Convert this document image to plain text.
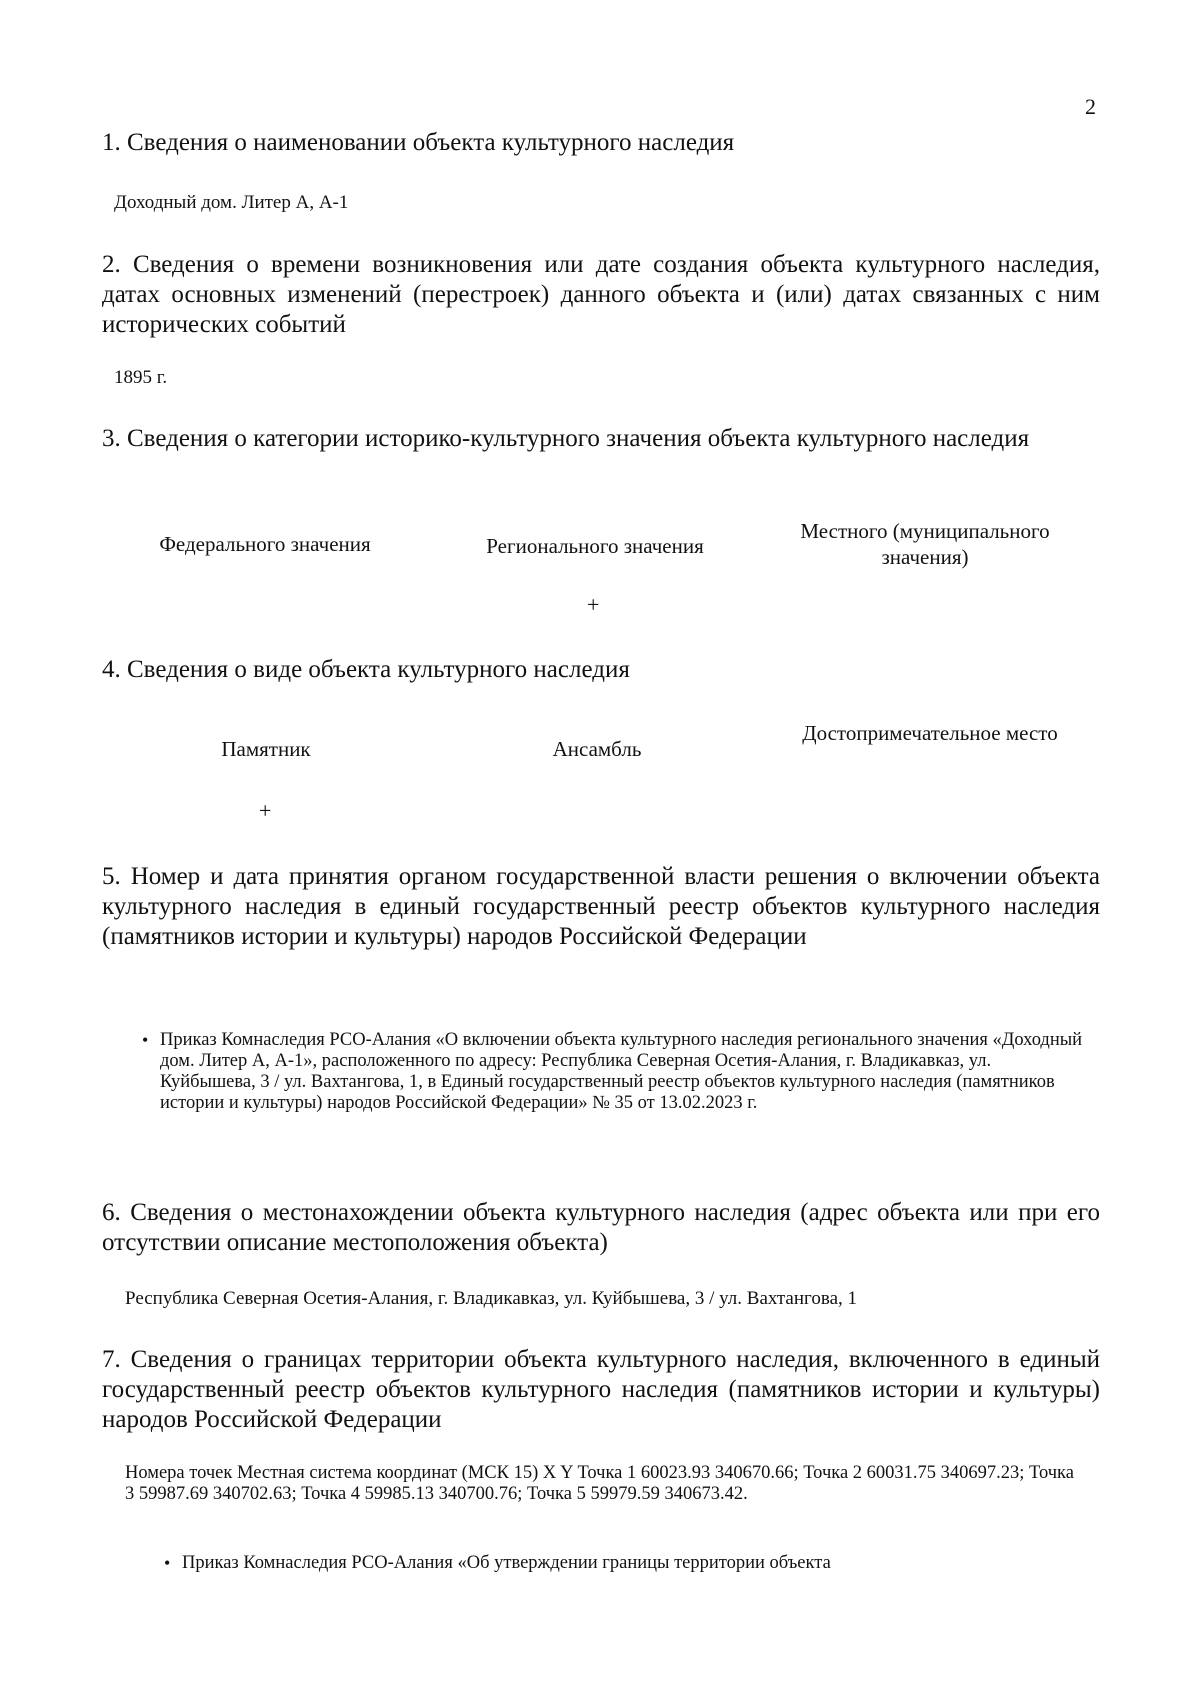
2
1. Сведения о наименовании объекта культурного наследия
Доходный дом. Литер А, А-1
2. Сведения о времени возникновения или дате создания объекта культурного наследия, датах основных изменений (перестроек) данного объекта и (или) датах связанных с ним исторических событий
1895 г.
3. Сведения о категории историко-культурного значения объекта культурного наследия
Федерального значения	Регионального значения
Местного (муниципального значения)
+
4. Сведения о виде объекта культурного наследия
Памятник	Ансамбль
Достопримечательное место
+
5. Номер и дата принятия органом государственной власти решения о включении объекта культурного наследия в единый государственный реестр объектов культурного наследия (памятников истории и культуры) народов Российской Федерации
• Приказ Комнаследия РСО-Алания «О включении объекта культурного наследия регионального значения «Доходный дом. Литер А, А-1», расположенного по адресу: Республика Северная Осетия-Алания, г. Владикавказ, ул. Куйбышева, 3 / ул. Вахтангова, 1, в Единый государственный реестр объектов культурного наследия (памятников истории и культуры) народов Российской Федерации» № 35 от 13.02.2023 г.
6. Сведения о местонахождении объекта культурного наследия (адрес объекта или при его отсутствии описание местоположения объекта)
Республика Северная Осетия-Алания, г. Владикавказ, ул. Куйбышева, 3 / ул. Вахтангова, 1
7. Сведения о границах территории объекта культурного наследия, включенного в единый государственный реестр объектов культурного наследия (памятников истории и культуры) народов Российской Федерации
Номера точек Местная система координат (МСК 15) X Y Точка 1 60023.93 340670.66; Точка 2 60031.75 340697.23; Точка 3 59987.69 340702.63; Точка 4 59985.13 340700.76; Точка 5 59979.59 340673.42.
• Приказ Комнаследия РСО-Алания «Об утверждении границы территории объекта
